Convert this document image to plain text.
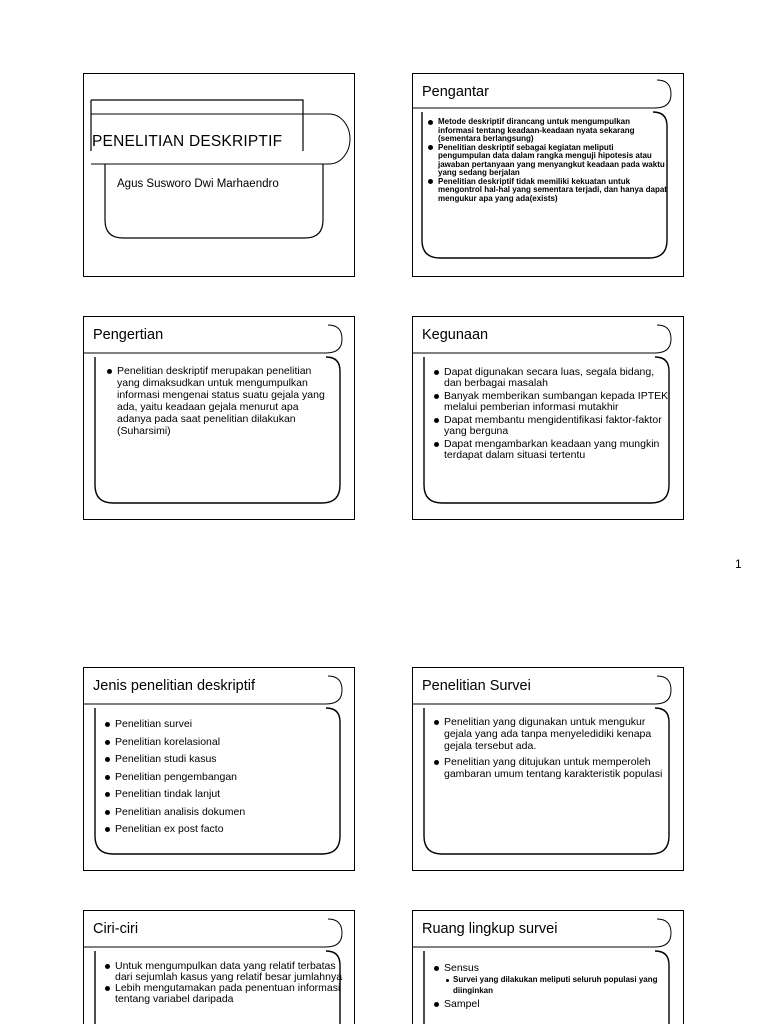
PENELITIAN DESKRIPTIF
Agus Susworo Dwi Marhaendro
Pengantar
Metode deskriptif dirancang untuk mengumpulkan informasi tentang keadaan-keadaan nyata sekarang (sementara berlangsung)
Penelitian deskriptif sebagai kegiatan meliputi pengumpulan data dalam rangka menguji hipotesis atau jawaban pertanyaan yang menyangkut keadaan pada waktu yang sedang berjalan
Penelitian deskriptif tidak memiliki kekuatan untuk mengontrol hal-hal yang sementara terjadi, dan hanya dapat mengukur apa yang ada(exists)
Pengertian
Penelitian deskriptif merupakan penelitian yang dimaksudkan untuk mengumpulkan informasi mengenai status suatu gejala yang ada, yaitu keadaan gejala menurut apa adanya pada saat penelitian dilakukan (Suharsimi)
Kegunaan
Dapat digunakan secara luas, segala bidang, dan berbagai masalah
Banyak memberikan sumbangan kepada IPTEK melalui pemberian informasi mutakhir
Dapat membantu mengidentifikasi faktor-faktor yang berguna
Dapat mengambarkan keadaan yang mungkin terdapat dalam situasi tertentu
1
Jenis penelitian deskriptif
Penelitian survei
Penelitian korelasional
Penelitian studi kasus
Penelitian pengembangan
Penelitian tindak lanjut
Penelitian analisis dokumen
Penelitian ex post facto
Penelitian Survei
Penelitian yang digunakan untuk mengukur gejala yang ada tanpa menyeledidiki kenapa gejala tersebut ada.
Penelitian yang ditujukan untuk memperoleh gambaran umum tentang karakteristik populasi
Ciri-ciri
Untuk mengumpulkan data yang relatif terbatas dari sejumlah kasus yang relatif besar jumlahnya
Lebih mengutamakan pada penentuan informasi tentang variabel daripada
Ruang lingkup survei
Sensus
Survei yang dilakukan meliputi seluruh populasi yang diinginkan
Sampel
